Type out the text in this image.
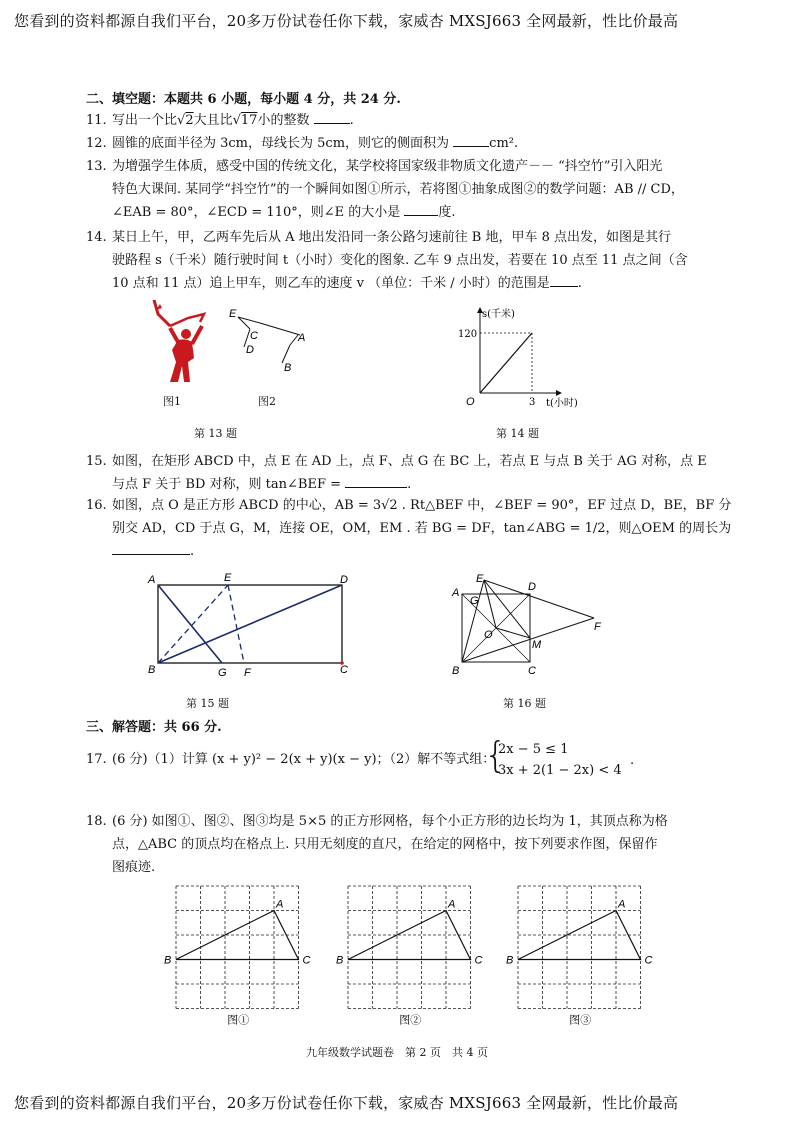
您看到的资料都源自我们平台，20多万份试卷任你下载，家威杏 MXSJ663 全网最新，性比价最高
二、填空题：本题共 6 小题，每小题 4 分，共 24 分.
11. 写出一个比√2大且比√17小的整数	.
12. 圆锥的底面半径为 3cm，母线长为 5cm，则它的侧面积为	cm².
13. 为增强学生体质，感受中国的传统文化，某学校将国家级非物质文化遗产－－ “抖空竹”引入阳光
特色大课间. 某同学“抖空竹”的一个瞬间如图①所示，若将图①抽象成图②的数学问题：AB // CD，
∠EAB = 80°，∠ECD = 110°，则∠E 的大小是	度.
14. 某日上午，甲，乙两车先后从 A 地出发沿同一条公路匀速前往 B 地，甲车 8 点出发，如图是其行
驶路程 s（千米）随行驶时间 t（小时）变化的图象. 乙车 9 点出发，若要在 10 点至 11 点之间（含
10 点和 11 点）追上甲车，则乙车的速度 v （单位：千米 / 小时）的范围是 .
图1
E
C
D
A
B
图2
第 13 题
s(千米)
120
3
O	t(小时)
第 14 题
15. 如图，在矩形 ABCD 中，点 E 在 AD 上，点 F、点 G 在 BC 上，若点 E 与点 B 关于 AG 对称，点 E
与点 F 关于 BD 对称，则 tan∠BEF =	.
16. 如图，点 O 是正方形 ABCD 的中心，AB = 3√2 . Rt△BEF 中，∠BEF = 90°，EF 过点 D，BE，BF 分
别交 AD，CD 于点 G，M，连接 OE，OM，EM . 若 BG = DF，tan∠ABG = 1/2，则△OEM 的周长为
.
A	E	D
B	G F	C
第 15 题
E
D
A
G
O
M
F
B	C
第 16 题
三、解答题：共 66 分.
17. (6 分)（1）计算 (x + y)² − 2(x + y)(x − y)；（2）解不等式组：
{
2x − 5 ≤ 1
3x + 2(1 − 2x) < 4
.
18. (6 分) 如图①、图②、图③均是 5×5 的正方形网格，每个小正方形的边长均为 1，其顶点称为格
点，△ABC 的顶点均在格点上. 只用无刻度的直尺，在给定的网格中，按下列要求作图，保留作
图痕迹.
A
B	C
图①
A
B	C
图②
A
B	C
图③
九年级数学试题卷　第 2 页　共 4 页
您看到的资料都源自我们平台，20多万份试卷任你下载，家威杏 MXSJ663 全网最新，性比价最高
